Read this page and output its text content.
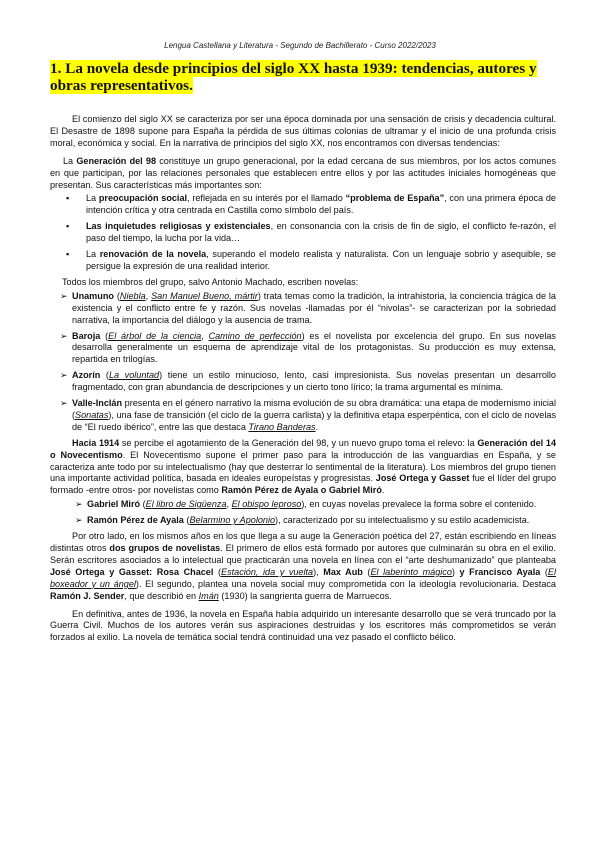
Lengua Castellana y Literatura - Segundo de Bachillerato - Curso 2022/2023
1. La novela desde principios del siglo XX hasta 1939: tendencias, autores y obras representativos.

El comienzo del siglo XX se caracteriza por ser una época dominada por una sensación de crisis y decadencia cultural. El Desastre de 1898 supone para España la pérdida de sus últimas colonias de ultramar y el inicio de una profunda crisis moral, económica y social. En la narrativa de principios del siglo XX, nos encontramos con diversas tendencias:

La Generación del 98 constituye un grupo generacional, por la edad cercana de sus miembros, por los actos comunes en que participan, por las relaciones personales que establecen entre ellos y por las actitudes iniciales homogéneas que presentan. Sus características más importantes son:

▪ La preocupación social, reflejada en su interés por el llamado “problema de España”, con una primera época de intención crítica y otra centrada en Castilla como símbolo del país.
▪ Las inquietudes religiosas y existenciales, en consonancia con la crisis de fin de siglo, el conflicto fe-razón, el paso del tiempo, la lucha por la vida…
▪ La renovación de la novela, superando el modelo realista y naturalista. Con un lenguaje sobrio y asequible, se persigue la expresión de una realidad interior.

Todos los miembros del grupo, salvo Antonio Machado, escriben novelas:

➢ Unamuno (Niebla, San Manuel Bueno, mártir) trata temas como la tradición, la intrahistoria, la conciencia trágica de la existencia y el conflicto entre fe y razón. Sus novelas -llamadas por él “nivolas”- se caracterizan por la sobriedad narrativa, la importancia del diálogo y la ausencia de trama.
➢ Baroja (El árbol de la ciencia, Camino de perfección) es el novelista por excelencia del grupo. En sus novelas desarrolla generalmente un esquema de aprendizaje vital de los protagonistas. Su producción es muy extensa, repartida en trilogías.
➢ Azorín (La voluntad) tiene un estilo minucioso, lento, casi impresionista. Sus novelas presentan un desarrollo fragmentado, con gran abundancia de descripciones y un cierto tono lírico; la trama argumental es mínima.
➢ Valle-Inclán presenta en el género narrativo la misma evolución de su obra dramática: una etapa de modernismo inicial (Sonatas), una fase de transición (el ciclo de la guerra carlista) y la definitiva etapa esperpéntica, con el ciclo de novelas de “El ruedo ibérico”, entre las que destaca Tirano Banderas.

Hacia 1914 se percibe el agotamiento de la Generación del 98, y un nuevo grupo toma el relevo: la Generación del 14 o Novecentismo. El Novecentismo supone el primer paso para la introducción de las vanguardias en España, y se caracteriza ante todo por su intelectualismo (hay que desterrar lo sentimental de la literatura). Los miembros del grupo tienen una importante actividad política, basada en ideales europeístas y progresistas. José Ortega y Gasset fue el líder del grupo formado -entre otros- por novelistas como Ramón Pérez de Ayala o Gabriel Miró.

➢ Gabriel Miró (El libro de Sigüenza, El obispo leproso), en cuyas novelas prevalece la forma sobre el contenido.
➢ Ramón Pérez de Ayala (Belarmino y Apolonio), caracterizado por su intelectualismo y su estilo academicista.

Por otro lado, en los mismos años en los que llega a su auge la Generación poética del 27, están escribiendo en líneas distintas otros dos grupos de novelistas. El primero de ellos está formado por autores que culminarán su obra en el exilio. Serán escritores asociados a lo intelectual que practicarán una novela en línea con el “arte deshumanizado” que planteaba José Ortega y Gasset: Rosa Chacel (Estación, ida y vuelta), Max Aub (El laberinto mágico) y Francisco Ayala (El boxeador y un ángel). El segundo, plantea una novela social muy comprometida con la ideología revolucionaria. Destaca Ramón J. Sender, que describió en Imán (1930) la sangrienta guerra de Marruecos.

En definitiva, antes de 1936, la novela en España había adquirido un interesante desarrollo que se verá truncado por la Guerra Civil. Muchos de los autores verán sus aspiraciones destruidas y los escritores más comprometidos se verán forzados al exilio. La novela de temática social tendrá continuidad una vez pasado el conflicto bélico.
